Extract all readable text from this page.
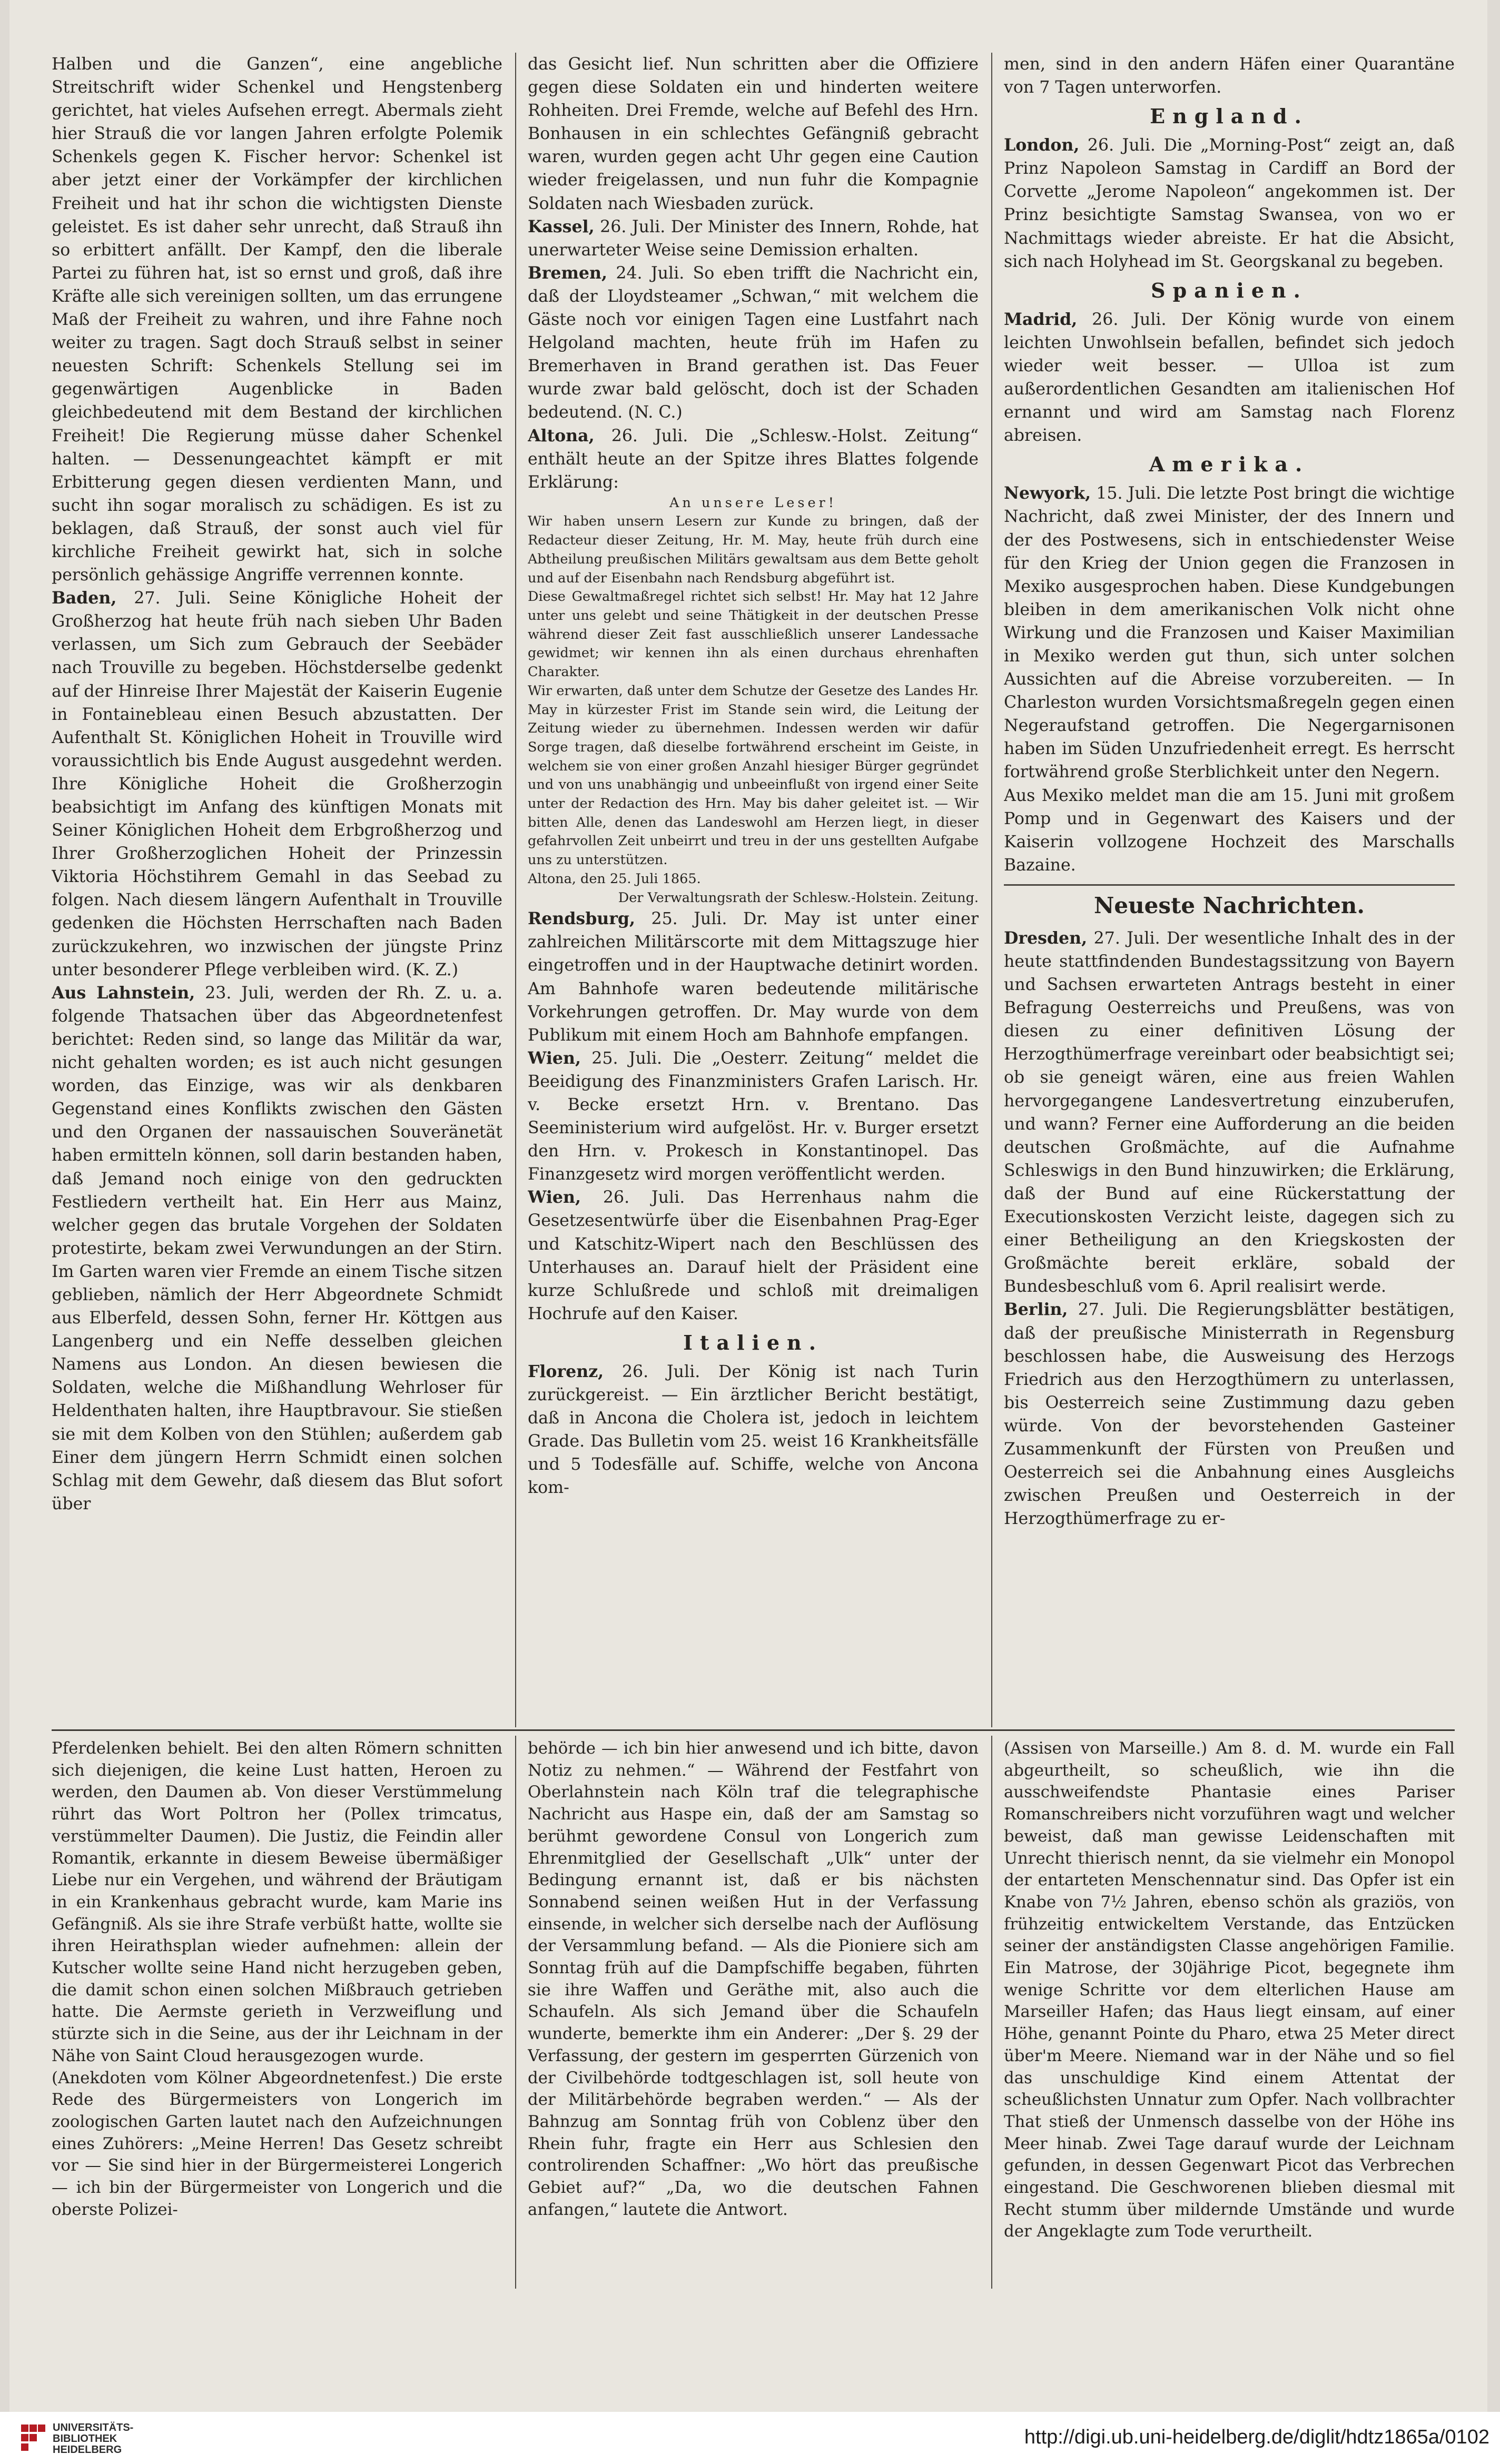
Halben und die Ganzen“, eine angebliche Streitschrift wider Schenkel und Hengstenberg gerichtet, hat vieles Aufsehen erregt. Abermals zieht hier Strauß die vor langen Jahren erfolgte Polemik Schenkels gegen K. Fischer hervor: Schenkel ist aber jetzt einer der Vorkämpfer der kirchlichen Freiheit und hat ihr schon die wichtigsten Dienste geleistet. Es ist daher sehr unrecht, daß Strauß ihn so erbittert anfällt. Der Kampf, den die liberale Partei zu führen hat, ist so ernst und groß, daß ihre Kräfte alle sich vereinigen sollten, um das errungene Maß der Freiheit zu wahren, und ihre Fahne noch weiter zu tragen. Sagt doch Strauß selbst in seiner neuesten Schrift: Schenkels Stellung sei im gegenwärtigen Augenblicke in Baden gleichbedeutend mit dem Bestand der kirchlichen Freiheit! Die Regierung müsse daher Schenkel halten. — Dessenungeachtet kämpft er mit Erbitterung gegen diesen verdienten Mann, und sucht ihn sogar moralisch zu schädigen. Es ist zu beklagen, daß Strauß, der sonst auch viel für kirchliche Freiheit gewirkt hat, sich in solche persönlich gehässige Angriffe verrennen konnte.

Baden, 27. Juli. Seine Königliche Hoheit der Großherzog hat heute früh nach sieben Uhr Baden verlassen, um Sich zum Gebrauch der Seebäder nach Trouville zu begeben. Höchstderselbe gedenkt auf der Hinreise Ihrer Majestät der Kaiserin Eugenie in Fontainebleau einen Besuch abzustatten. Der Aufenthalt St. Königlichen Hoheit in Trouville wird voraussichtlich bis Ende August ausgedehnt werden. Ihre Königliche Hoheit die Großherzogin beabsichtigt im Anfang des künftigen Monats mit Seiner Königlichen Hoheit dem Erbgroßherzog und Ihrer Großherzoglichen Hoheit der Prinzessin Viktoria Höchstihrem Gemahl in das Seebad zu folgen. Nach diesem längern Aufenthalt in Trouville gedenken die Höchsten Herrschaften nach Baden zurückzukehren, wo inzwischen der jüngste Prinz unter besonderer Pflege verbleiben wird. (K. Z.)

Aus Lahnstein, 23. Juli, werden der Rh. Z. u. a. folgende Thatsachen über das Abgeordnetenfest berichtet: Reden sind, so lange das Militär da war, nicht gehalten worden; es ist auch nicht gesungen worden, das Einzige, was wir als denkbaren Gegenstand eines Konflikts zwischen den Gästen und den Organen der nassauischen Souveränetät haben ermitteln können, soll darin bestanden haben, daß Jemand noch einige von den gedruckten Festliedern vertheilt hat. Ein Herr aus Mainz, welcher gegen das brutale Vorgehen der Soldaten protestirte, bekam zwei Verwundungen an der Stirn. Im Garten waren vier Fremde an einem Tische sitzen geblieben, nämlich der Herr Abgeordnete Schmidt aus Elberfeld, dessen Sohn, ferner Hr. Köttgen aus Langenberg und ein Neffe desselben gleichen Namens aus London. An diesen bewiesen die Soldaten, welche die Mißhandlung Wehrloser für Heldenthaten halten, ihre Hauptbravour. Sie stießen sie mit dem Kolben von den Stühlen; außerdem gab Einer dem jüngern Herrn Schmidt einen solchen Schlag mit dem Gewehr, daß diesem das Blut sofort über

das Gesicht lief. Nun schritten aber die Offiziere gegen diese Soldaten ein und hinderten weitere Rohheiten. Drei Fremde, welche auf Befehl des Hrn. Bonhausen in ein schlechtes Gefängniß gebracht waren, wurden gegen acht Uhr gegen eine Caution wieder freigelassen, und nun fuhr die Kompagnie Soldaten nach Wiesbaden zurück.

Kassel, 26. Juli. Der Minister des Innern, Rohde, hat unerwarteter Weise seine Demission erhalten.

Bremen, 24. Juli. So eben trifft die Nachricht ein, daß der Lloydsteamer „Schwan,“ mit welchem die Gäste noch vor einigen Tagen eine Lustfahrt nach Helgoland machten, heute früh im Hafen zu Bremerhaven in Brand gerathen ist. Das Feuer wurde zwar bald gelöscht, doch ist der Schaden bedeutend. (N. C.)

Altona, 26. Juli. Die „Schlesw.-Holst. Zeitung“ enthält heute an der Spitze ihres Blattes folgende Erklärung:

An unsere Leser!

Wir haben unsern Lesern zur Kunde zu bringen, daß der Redacteur dieser Zeitung, Hr. M. May, heute früh durch eine Abtheilung preußischen Militärs gewaltsam aus dem Bette geholt und auf der Eisenbahn nach Rendsburg abgeführt ist.

Diese Gewaltmaßregel richtet sich selbst! Hr. May hat 12 Jahre unter uns gelebt und seine Thätigkeit in der deutschen Presse während dieser Zeit fast ausschließlich unserer Landessache gewidmet; wir kennen ihn als einen durchaus ehrenhaften Charakter.

Wir erwarten, daß unter dem Schutze der Gesetze des Landes Hr. May in kürzester Frist im Stande sein wird, die Leitung der Zeitung wieder zu übernehmen. Indessen werden wir dafür Sorge tragen, daß dieselbe fortwährend erscheint im Geiste, in welchem sie von einer großen Anzahl hiesiger Bürger gegründet und von uns unabhängig und unbeeinflußt von irgend einer Seite unter der Redaction des Hrn. May bis daher geleitet ist. — Wir bitten Alle, denen das Landeswohl am Herzen liegt, in dieser gefahrvollen Zeit unbeirrt und treu in der uns gestellten Aufgabe uns zu unterstützen.

Altona, den 25. Juli 1865.

Der Verwaltungsrath der Schlesw.-Holstein. Zeitung.

Rendsburg, 25. Juli. Dr. May ist unter einer zahlreichen Militärscorte mit dem Mittagszuge hier eingetroffen und in der Hauptwache detinirt worden. Am Bahnhofe waren bedeutende militärische Vorkehrungen getroffen. Dr. May wurde von dem Publikum mit einem Hoch am Bahnhofe empfangen.

Wien, 25. Juli. Die „Oesterr. Zeitung“ meldet die Beeidigung des Finanzministers Grafen Larisch. Hr. v. Becke ersetzt Hrn. v. Brentano. Das Seeministerium wird aufgelöst. Hr. v. Burger ersetzt den Hrn. v. Prokesch in Konstantinopel. Das Finanzgesetz wird morgen veröffentlicht werden.

Wien, 26. Juli. Das Herrenhaus nahm die Gesetzesentwürfe über die Eisenbahnen Prag-Eger und Katschitz-Wipert nach den Beschlüssen des Unterhauses an. Darauf hielt der Präsident eine kurze Schlußrede und schloß mit dreimaligen Hochrufe auf den Kaiser.

Italien.

Florenz, 26. Juli. Der König ist nach Turin zurückgereist. — Ein ärztlicher Bericht bestätigt, daß in Ancona die Cholera ist, jedoch in leichtem Grade. Das Bulletin vom 25. weist 16 Krankheitsfälle und 5 Todesfälle auf. Schiffe, welche von Ancona kom-

men, sind in den andern Häfen einer Quarantäne von 7 Tagen unterworfen.

England.

London, 26. Juli. Die „Morning-Post“ zeigt an, daß Prinz Napoleon Samstag in Cardiff an Bord der Corvette „Jerome Napoleon“ angekommen ist. Der Prinz besichtigte Samstag Swansea, von wo er Nachmittags wieder abreiste. Er hat die Absicht, sich nach Holyhead im St. Georgskanal zu begeben.

Spanien.

Madrid, 26. Juli. Der König wurde von einem leichten Unwohlsein befallen, befindet sich jedoch wieder weit besser. — Ulloa ist zum außerordentlichen Gesandten am italienischen Hof ernannt und wird am Samstag nach Florenz abreisen.

Amerika.

Newyork, 15. Juli. Die letzte Post bringt die wichtige Nachricht, daß zwei Minister, der des Innern und der des Postwesens, sich in entschiedenster Weise für den Krieg der Union gegen die Franzosen in Mexiko ausgesprochen haben. Diese Kundgebungen bleiben in dem amerikanischen Volk nicht ohne Wirkung und die Franzosen und Kaiser Maximilian in Mexiko werden gut thun, sich unter solchen Aussichten auf die Abreise vorzubereiten. — In Charleston wurden Vorsichtsmaßregeln gegen einen Negeraufstand getroffen. Die Negergarnisonen haben im Süden Unzufriedenheit erregt. Es herrscht fortwährend große Sterblichkeit unter den Negern.

Aus Mexiko meldet man die am 15. Juni mit großem Pomp und in Gegenwart des Kaisers und der Kaiserin vollzogene Hochzeit des Marschalls Bazaine.

Neueste Nachrichten.

Dresden, 27. Juli. Der wesentliche Inhalt des in der heute stattfindenden Bundestagssitzung von Bayern und Sachsen erwarteten Antrags besteht in einer Befragung Oesterreichs und Preußens, was von diesen zu einer definitiven Lösung der Herzogthümerfrage vereinbart oder beabsichtigt sei; ob sie geneigt wären, eine aus freien Wahlen hervorgegangene Landesvertretung einzuberufen, und wann? Ferner eine Aufforderung an die beiden deutschen Großmächte, auf die Aufnahme Schleswigs in den Bund hinzuwirken; die Erklärung, daß der Bund auf eine Rückerstattung der Executionskosten Verzicht leiste, dagegen sich zu einer Betheiligung an den Kriegskosten der Großmächte bereit erkläre, sobald der Bundesbeschluß vom 6. April realisirt werde.

Berlin, 27. Juli. Die Regierungsblätter bestätigen, daß der preußische Ministerrath in Regensburg beschlossen habe, die Ausweisung des Herzogs Friedrich aus den Herzogthümern zu unterlassen, bis Oesterreich seine Zustimmung dazu geben würde. Von der bevorstehenden Gasteiner Zusammenkunft der Fürsten von Preußen und Oesterreich sei die Anbahnung eines Ausgleichs zwischen Preußen und Oesterreich in der Herzogthümerfrage zu er-

Pferdelenken behielt. Bei den alten Römern schnitten sich diejenigen, die keine Lust hatten, Heroen zu werden, den Daumen ab. Von dieser Verstümmelung rührt das Wort Poltron her (Pollex trimcatus, verstümmelter Daumen). Die Justiz, die Feindin aller Romantik, erkannte in diesem Beweise übermäßiger Liebe nur ein Vergehen, und während der Bräutigam in ein Krankenhaus gebracht wurde, kam Marie ins Gefängniß. Als sie ihre Strafe verbüßt hatte, wollte sie ihren Heirathsplan wieder aufnehmen: allein der Kutscher wollte seine Hand nicht herzugeben geben, die damit schon einen solchen Mißbrauch getrieben hatte. Die Aermste gerieth in Verzweiflung und stürzte sich in die Seine, aus der ihr Leichnam in der Nähe von Saint Cloud herausgezogen wurde.

(Anekdoten vom Kölner Abgeordnetenfest.) Die erste Rede des Bürgermeisters von Longerich im zoologischen Garten lautet nach den Aufzeichnungen eines Zuhörers: „Meine Herren! Das Gesetz schreibt vor — Sie sind hier in der Bürgermeisterei Longerich — ich bin der Bürgermeister von Longerich und die oberste Polizei-

behörde — ich bin hier anwesend und ich bitte, davon Notiz zu nehmen.“ — Während der Festfahrt von Oberlahnstein nach Köln traf die telegraphische Nachricht aus Haspe ein, daß der am Samstag so berühmt gewordene Consul von Longerich zum Ehrenmitglied der Gesellschaft „Ulk“ unter der Bedingung ernannt ist, daß er bis nächsten Sonnabend seinen weißen Hut in der Verfassung einsende, in welcher sich derselbe nach der Auflösung der Versammlung befand. — Als die Pioniere sich am Sonntag früh auf die Dampfschiffe begaben, führten sie ihre Waffen und Geräthe mit, also auch die Schaufeln. Als sich Jemand über die Schaufeln wunderte, bemerkte ihm ein Anderer: „Der §. 29 der Verfassung, der gestern im gesperrten Gürzenich von der Civilbehörde todtgeschlagen ist, soll heute von der Militärbehörde begraben werden.“ — Als der Bahnzug am Sonntag früh von Coblenz über den Rhein fuhr, fragte ein Herr aus Schlesien den controlirenden Schaffner: „Wo hört das preußische Gebiet auf?“ „Da, wo die deutschen Fahnen anfangen,“ lautete die Antwort.

(Assisen von Marseille.) Am 8. d. M. wurde ein Fall abgeurtheilt, so scheußlich, wie ihn die ausschweifendste Phantasie eines Pariser Romanschreibers nicht vorzuführen wagt und welcher beweist, daß man gewisse Leidenschaften mit Unrecht thierisch nennt, da sie vielmehr ein Monopol der entarteten Menschennatur sind. Das Opfer ist ein Knabe von 7½ Jahren, ebenso schön als graziös, von frühzeitig entwickeltem Verstande, das Entzücken seiner der anständigsten Classe angehörigen Familie. Ein Matrose, der 30jährige Picot, begegnete ihm wenige Schritte vor dem elterlichen Hause am Marseiller Hafen; das Haus liegt einsam, auf einer Höhe, genannt Pointe du Pharo, etwa 25 Meter direct über'm Meere. Niemand war in der Nähe und so fiel das unschuldige Kind einem Attentat der scheußlichsten Unnatur zum Opfer. Nach vollbrachter That stieß der Unmensch dasselbe von der Höhe ins Meer hinab. Zwei Tage darauf wurde der Leichnam gefunden, in dessen Gegenwart Picot das Verbrechen eingestand. Die Geschworenen blieben diesmal mit Recht stumm über mildernde Umstände und wurde der Angeklagte zum Tode verurtheilt.

UNIVERSITÄTS-
BIBLIOTHEK
HEIDELBERG
http://digi.ub.uni-heidelberg.de/diglit/hdtz1865a/0102
